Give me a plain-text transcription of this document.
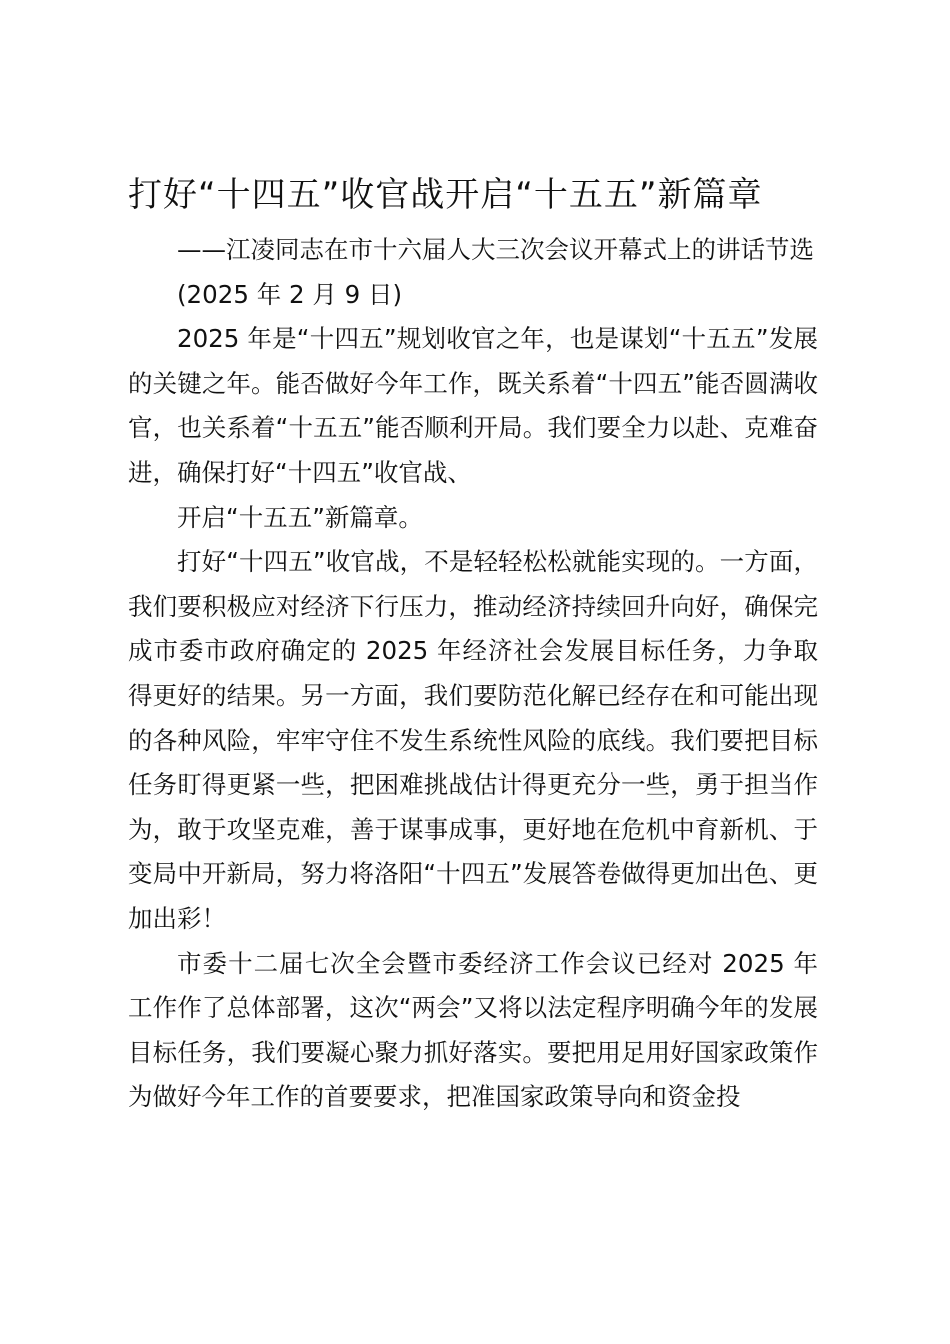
打好“十四五”收官战开启“十五五”新篇章

——江凌同志在市十六届人大三次会议开幕式上的讲话节选

(2025 年 2 月 9 日)

2025 年是“十四五”规划收官之年，也是谋划“十五五”发展的关键之年。能否做好今年工作，既关系着“十四五”能否圆满收官，也关系着“十五五”能否顺利开局。我们要全力以赴、克难奋进，确保打好“十四五”收官战、

开启“十五五”新篇章。

打好“十四五”收官战，不是轻轻松松就能实现的。一方面，我们要积极应对经济下行压力，推动经济持续回升向好，确保完成市委市政府确定的 2025 年经济社会发展目标任务，力争取得更好的结果。另一方面，我们要防范化解已经存在和可能出现的各种风险，牢牢守住不发生系统性风险的底线。我们要把目标任务盯得更紧一些，把困难挑战估计得更充分一些，勇于担当作为，敢于攻坚克难，善于谋事成事，更好地在危机中育新机、于变局中开新局，努力将洛阳“十四五”发展答卷做得更加出色、更加出彩！

市委十二届七次全会暨市委经济工作会议已经对 2025 年工作作了总体部署，这次“两会”又将以法定程序明确今年的发展目标任务，我们要凝心聚力抓好落实。要把用足用好国家政策作为做好今年工作的首要要求，把准国家政策导向和资金投
